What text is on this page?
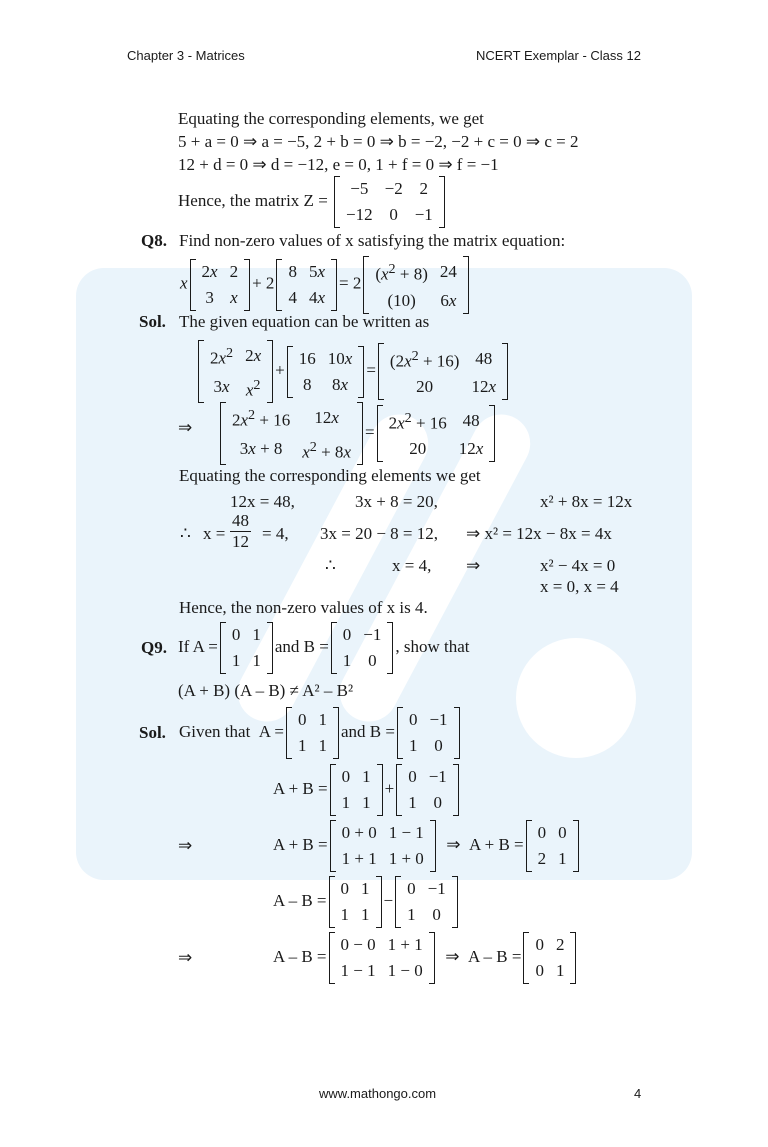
Chapter 3 - Matrices	NCERT Exemplar - Class 12
Equating the corresponding elements, we get
5 + a = 0 ⇒ a = −5, 2 + b = 0 ⇒ b = −2, −2 + c = 0 ⇒ c = 2
12 + d = 0 ⇒ d = −12, e = 0, 1 + f = 0 ⇒ f = −1
Hence, the matrix Z =
−5	−2	2
−12	0	−1
Q8. Find non-zero values of x satisfying the matrix equation:
x
2x	2
3	x
+ 2
8	5x
4	4x
= 2 $(x^2 + 8)$	24
(10)	6x
Sol. The given equation can be written as
$2x^2$	2x
3x	$x^2$
+
16	10x
8	8x
= $(2x^2 + 16)$	48
20	12x
⇒ $2x^2 + 16$	12x
3x + 8	$x^2 + 8x$
= $2x^2 + 16$	48
20	12x
Equating the corresponding elements we get
12x = 48,	3x + 8 = 20,	x² + 8x = 12x
∴ $x = \frac{48}{12} = 4$, 3x = 20 − 8 = 12, ⇒ x² = 12x − 8x = 4x
∴	x = 4, ⇒	x² − 4x = 0
x = 0, x = 4
Hence, the non-zero values of x is 4.
Q9. If A =
0	1
1	1
and B =
0	−1
1	0
, show that
(A + B) (A – B) ≠ A² – B²
Sol. Given that  A =
0	1
1	1
and B =
0	−1
1	0
A + B =
0	1
1	1
+
0	−1
1	0
⇒	A + B =
0 + 0	1 − 1
1 + 1	1 + 0
⇒  A + B =
0	0
2	1
A – B =
0	1
1	1
−
0	−1
1	0
⇒	A – B =
0 − 0	1 + 1
1 − 1	1 − 0
⇒  A – B =
0	2
0	1
www.mathongo.com	4
